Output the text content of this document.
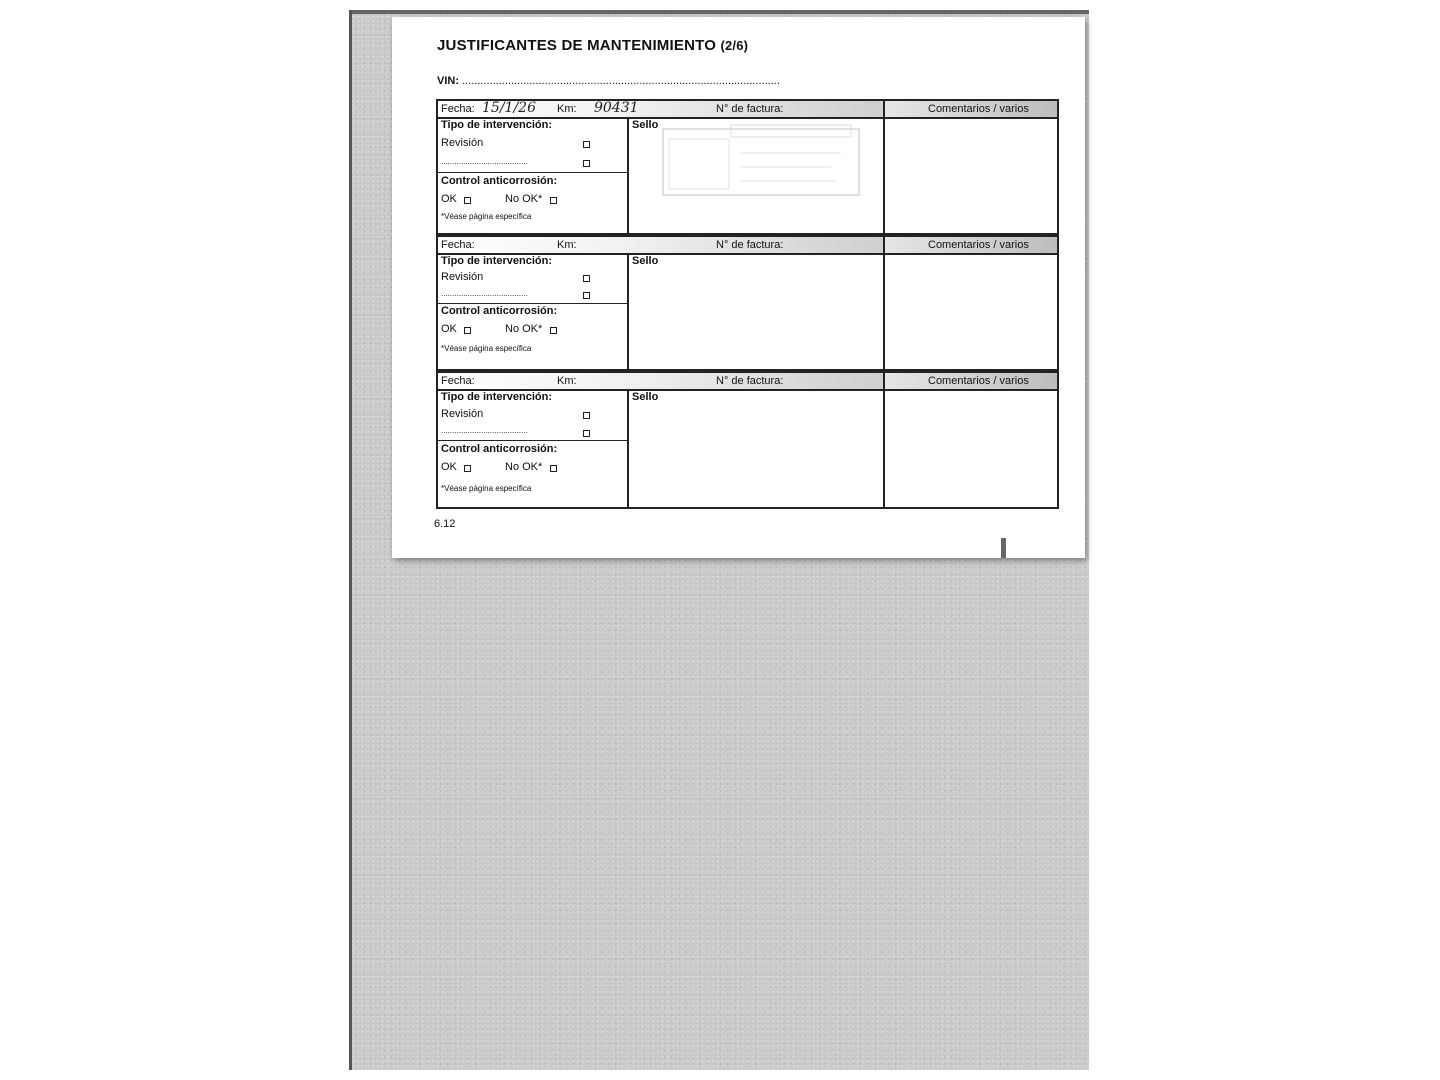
JUSTIFICANTES DE MANTENIMIENTO (2/6)
VIN: ........................................................................................................
Fecha: 15/1/26 Km: 90431	N° de factura:	Comentarios / varios
Tipo de intervención:
Revisión
.......................................
Control anticorrosión:
OK	No OK*
*Véase página específica
Sello
Fecha:	Km:	N° de factura:	Comentarios / varios
Tipo de intervención:
Revisión
.......................................
Control anticorrosión:
OK	No OK*
*Véase página específica
Sello
Fecha:	Km:	N° de factura:	Comentarios / varios
Tipo de intervención:
Revisión
.......................................
Control anticorrosión:
OK	No OK*
*Véase página específica
Sello
6.12
